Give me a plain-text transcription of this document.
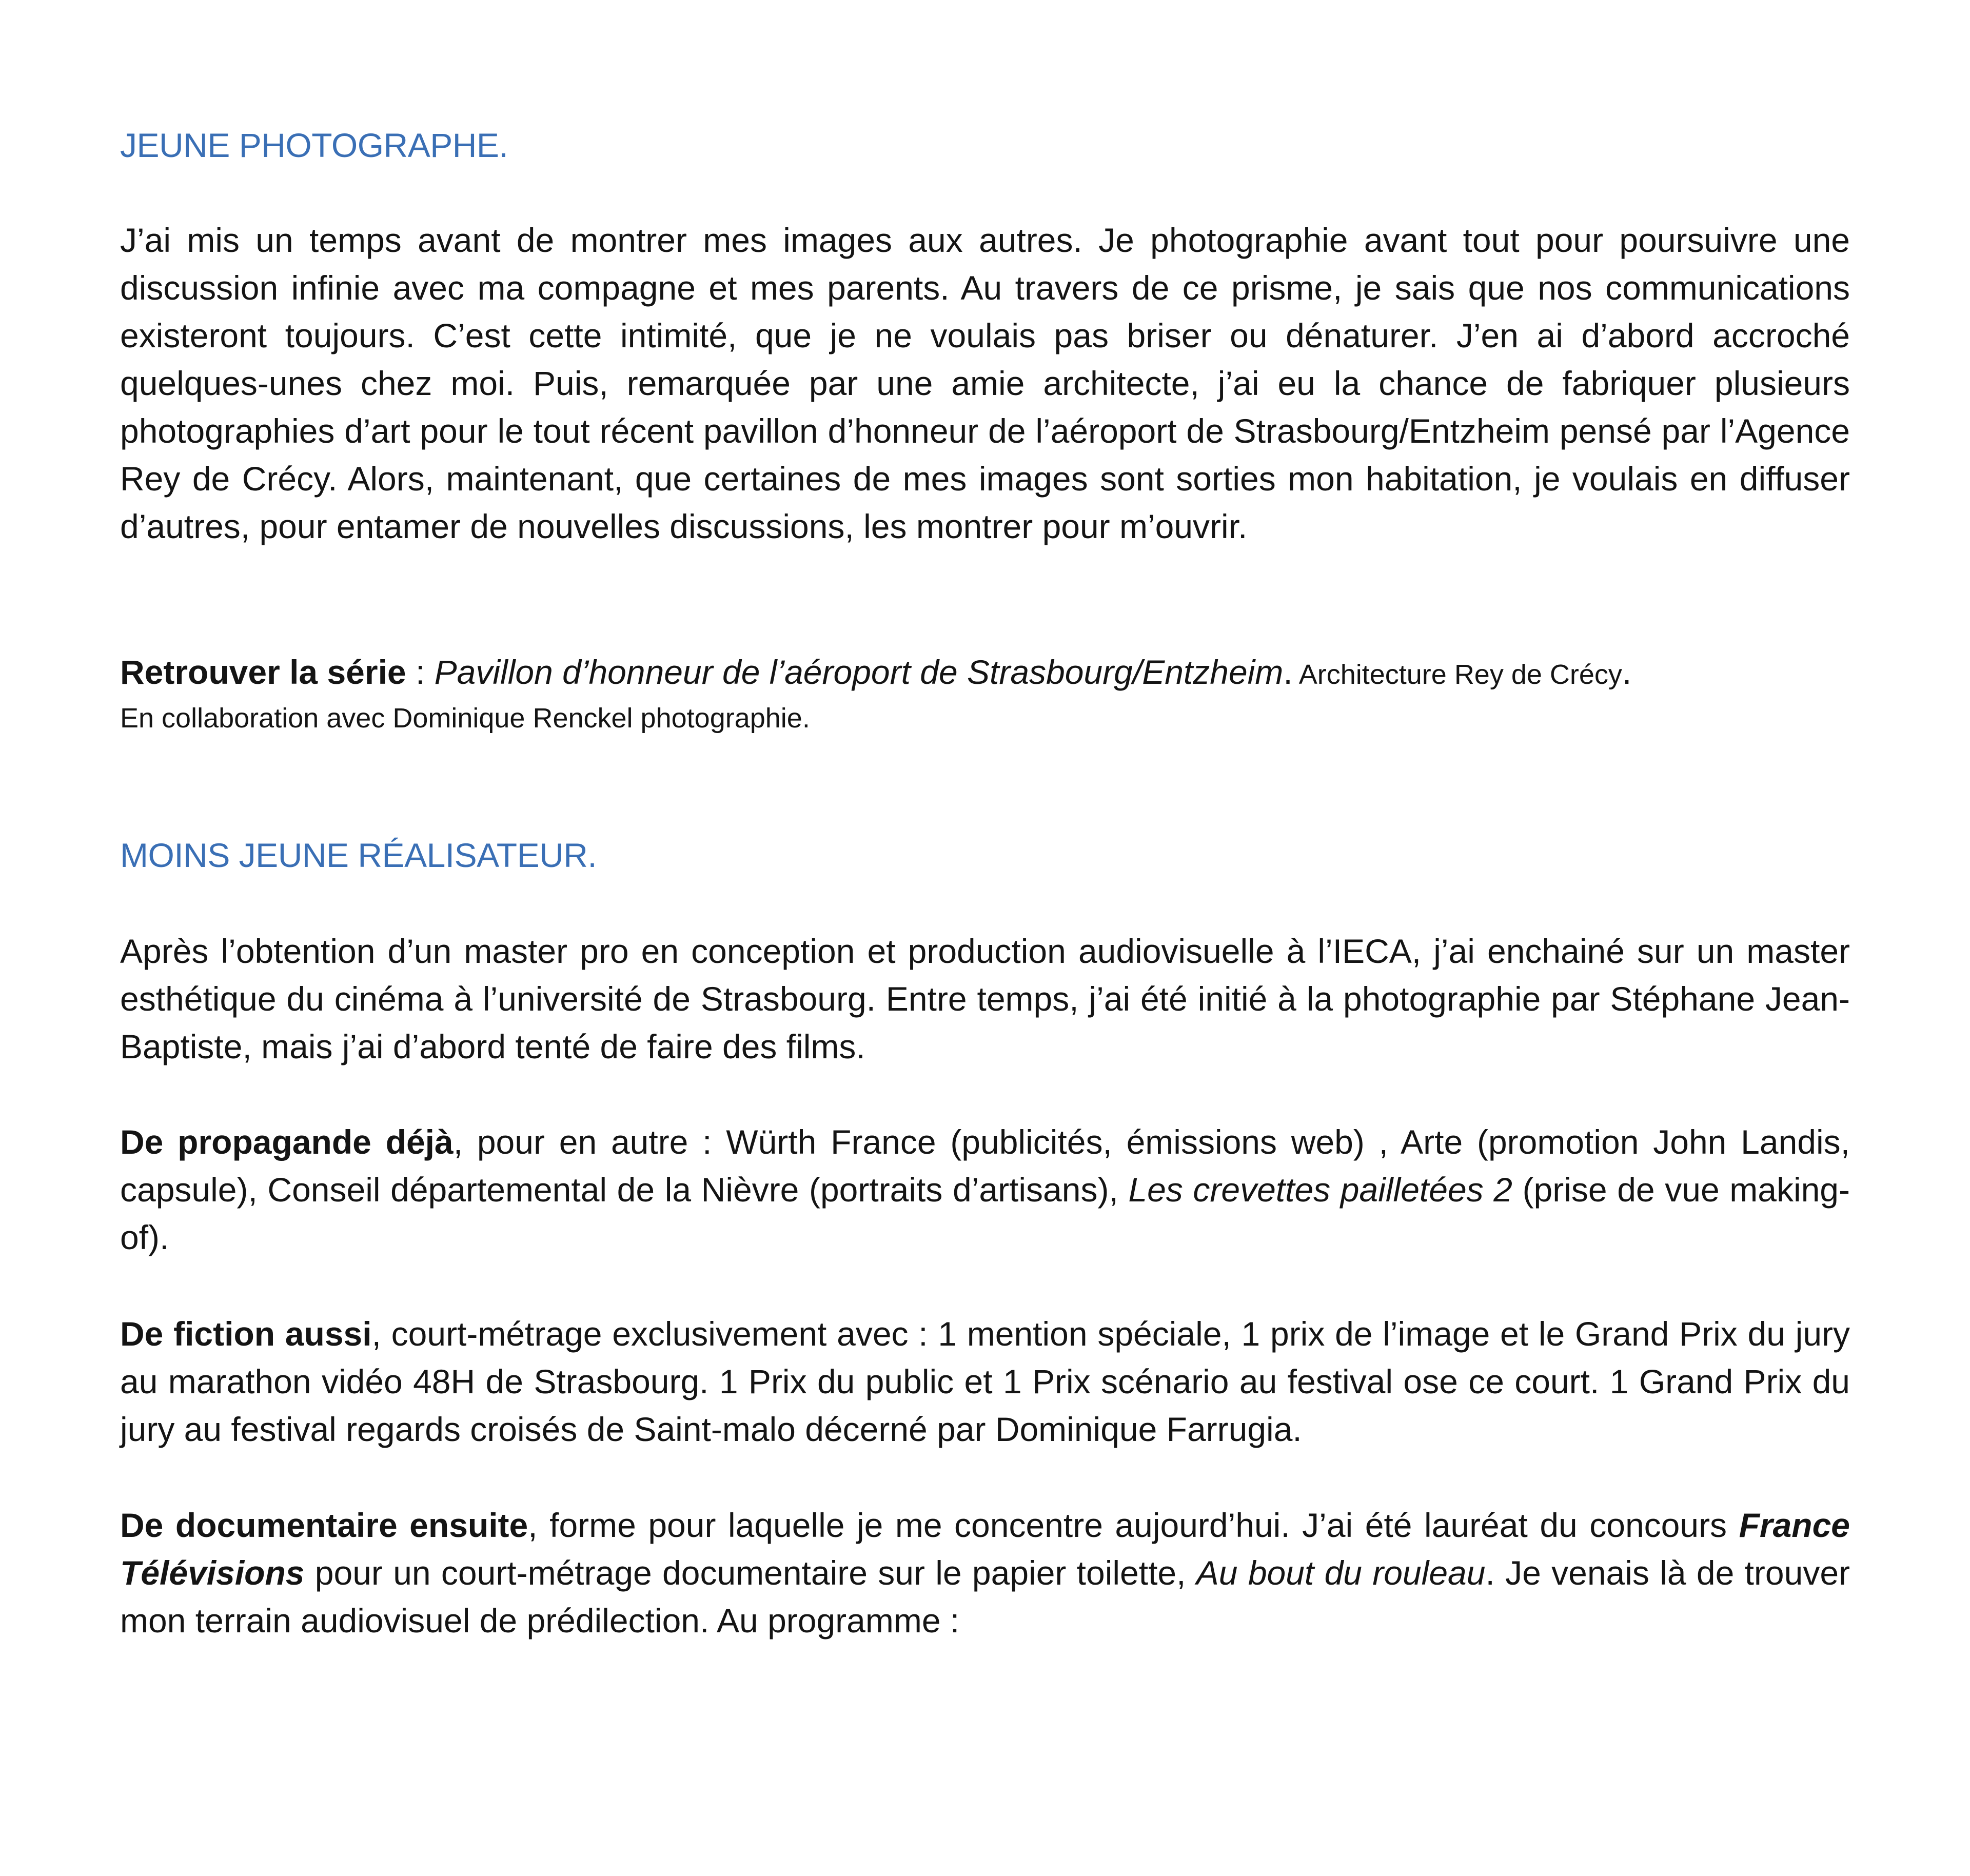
JEUNE PHOTOGRAPHE.

J’ai mis un temps avant de montrer mes images aux autres. Je photographie avant tout pour poursuivre une discussion infinie avec ma compagne et mes parents. Au travers de ce prisme, je sais que nos communications existeront toujours. C’est cette intimité, que je ne voulais pas briser ou dénaturer. J’en ai d’abord accroché quelques-unes chez moi. Puis, remarquée par une amie architecte, j’ai eu la chance de fabriquer plusieurs photographies d’art pour le tout récent pavillon d’honneur de l’aéroport de Strasbourg/Entzheim pensé par l’Agence Rey de Crécy. Alors, maintenant, que certaines de mes images sont sorties mon habitation, je voulais en diffuser d’autres, pour entamer de nouvelles discussions, les montrer pour m’ouvrir.

Retrouver la série : Pavillon d’honneur de l’aéroport de Strasbourg/Entzheim. Architecture Rey de Crécy.
En collaboration avec Dominique Renckel photographie.

MOINS JEUNE RÉALISATEUR.

Après l’obtention d’un master pro en conception et production audiovisuelle à l’IECA, j’ai enchainé sur un master esthétique du cinéma à l’université de Strasbourg. Entre temps, j’ai été initié à la photographie par Stéphane Jean-Baptiste, mais j’ai d’abord tenté de faire des films.

De propagande déjà, pour en autre : Würth France (publicités, émissions web) , Arte (promotion John Landis, capsule), Conseil départemental de la Nièvre (portraits d’artisans), Les crevettes pailletées 2 (prise de vue making-of).

De fiction aussi, court-métrage exclusivement avec : 1 mention spéciale, 1 prix de l’image et le Grand Prix du jury au marathon vidéo 48H de Strasbourg. 1 Prix du public et 1 Prix scénario au festival ose ce court. 1 Grand Prix du jury au festival regards croisés de Saint-malo décerné par Dominique Farrugia.

De documentaire ensuite, forme pour laquelle je me concentre aujourd’hui. J’ai été lauréat du concours France Télévisions pour un court-métrage documentaire sur le papier toilette, Au bout du rouleau. Je venais là de trouver mon terrain audiovisuel de prédilection. Au programme :
